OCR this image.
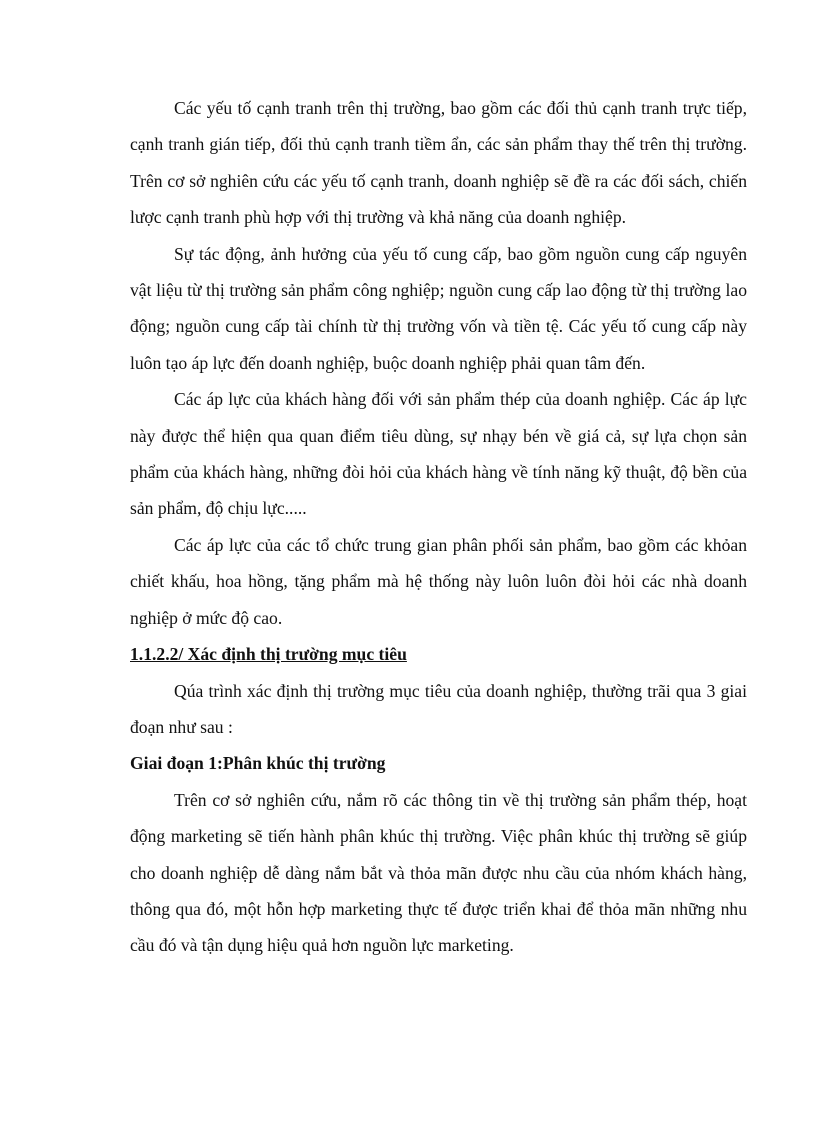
Các yếu tố cạnh tranh trên thị trường, bao gồm các đối thủ cạnh tranh trực tiếp, cạnh tranh gián tiếp, đối thủ cạnh tranh tiềm ẩn, các sản phẩm thay thế trên thị trường. Trên cơ sở nghiên cứu các yếu tố cạnh tranh, doanh nghiệp sẽ đề ra các đối sách, chiến lược cạnh tranh phù hợp với thị trường và khả năng của doanh nghiệp.

Sự tác động, ảnh hưởng của yếu tố cung cấp, bao gồm nguồn cung cấp nguyên vật liệu từ thị trường sản phẩm công nghiệp; nguồn cung cấp lao động từ thị trường lao động; nguồn cung cấp tài chính từ thị trường vốn và tiền tệ. Các yếu tố cung cấp này luôn tạo áp lực đến doanh nghiệp, buộc doanh nghiệp phải quan tâm đến.

Các áp lực của khách hàng đối với sản phẩm thép của doanh nghiệp. Các áp lực này được thể hiện qua quan điểm tiêu dùng, sự nhạy bén về giá cả, sự lựa chọn sản phẩm của khách hàng, những đòi hỏi của khách hàng về tính năng kỹ thuật, độ bền của sản phẩm, độ chịu lực.....

Các áp lực của các tổ chức trung gian phân phối sản phẩm, bao gồm các khỏan chiết khấu, hoa hồng, tặng phẩm mà hệ thống này luôn luôn đòi hỏi các nhà doanh nghiệp ở mức độ cao.

1.1.2.2/ Xác định thị trường mục tiêu

Qúa trình xác định thị trường mục tiêu của doanh nghiệp, thường trãi qua 3 giai đoạn như sau :

Giai đoạn 1:Phân khúc thị trường

Trên cơ sở nghiên cứu, nắm rõ các thông tin về thị trường sản phẩm thép, hoạt động marketing sẽ tiến hành phân khúc thị trường. Việc phân khúc thị trường sẽ giúp cho doanh nghiệp dễ dàng nắm bắt và thỏa mãn được nhu cầu của nhóm khách hàng, thông qua đó, một hỗn hợp marketing thực tế được triển khai để thỏa mãn những nhu cầu đó và tận dụng hiệu quả hơn nguồn lực marketing.
